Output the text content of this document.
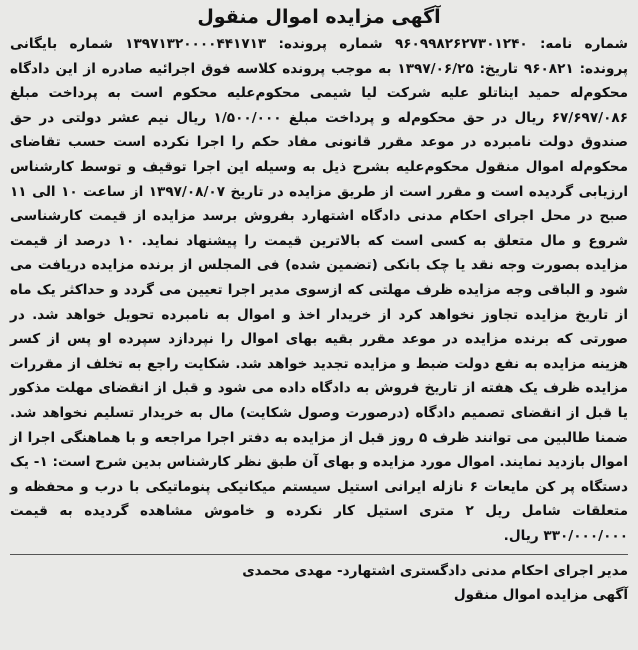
آگهی مزایده اموال منقول

شماره نامه: ۹۶۰۹۹۸۲۶۲۷۳۰۱۲۴۰ شماره پرونده: ۱۳۹۷۱۳۲۰۰۰۰۴۴۱۷۱۳ شماره بایگانی پرونده: ۹۶۰۸۲۱ تاریخ: ۱۳۹۷/۰۶/۲۵ به موجب پرونده کلاسه فوق اجرائیه صادره از این دادگاه محکوم‌له حمید ایناتلو علیه شرکت لیا شیمی محکوم‌علیه محکوم است به پرداخت مبلغ ۶۷/۶۹۷/۰۸۶ ریال در حق محکوم‌له و پرداخت مبلغ ۱/۵۰۰/۰۰۰ ریال نیم عشر دولتی در حق صندوق دولت نامبرده در موعد مقرر قانونی مفاد حکم را اجرا نکرده است حسب تقاضای محکوم‌له اموال منقول محکوم‌علیه بشرح ذیل به وسیله این اجرا توقیف و توسط کارشناس ارزیابی گردیده است و مقرر است از طریق مزایده در تاریخ ۱۳۹۷/۰۸/۰۷ از ساعت ۱۰ الی ۱۱ صبح در محل اجرای احکام مدنی دادگاه اشتهارد بفروش برسد مزایده از قیمت کارشناسی شروع و مال متعلق به کسی است که بالاترین قیمت را پیشنهاد نماید. ۱۰ درصد از قیمت مزایده بصورت وجه نقد یا چک بانکی (تضمین شده) فی المجلس از برنده مزایده دریافت می شود و الباقی وجه مزایده ظرف مهلتی که ازسوی مدیر اجرا تعیین می گردد و حداکثر یک ماه از تاریخ مزایده تجاوز نخواهد کرد از خریدار اخذ و اموال به نامبرده تحویل خواهد شد. در صورتی که برنده مزایده در موعد مقرر بقیه بهای اموال را نپردازد سپرده او پس از کسر هزینه مزایده به نفع دولت ضبط و مزایده تجدید خواهد شد. شکایت راجع به تخلف از مقررات مزایده ظرف یک هفته از تاریخ فروش به دادگاه داده می شود و قبل از انقضای مهلت مذکور یا قبل از انقضای تصمیم دادگاه (درصورت وصول شکایت) مال به خریدار تسلیم نخواهد شد. ضمنا طالبین می توانند ظرف ۵ روز قبل از مزایده به دفتر اجرا مراجعه و با هماهنگی اجرا از اموال بازدید نمایند. اموال مورد مزایده و بهای آن طبق نظر کارشناس بدین شرح است: ۱- یک دستگاه پر کن مایعات ۶ نازله ایرانی استیل سیستم میکانیکی پنوماتیکی با درب و محفظه و متعلقات شامل ریل ۲ متری استیل کار نکرده و خاموش مشاهده گردیده به قیمت ۳۳۰/۰۰۰/۰۰۰ ریال.

مدیر اجرای احکام مدنی دادگستری اشتهارد- مهدی محمدی
آگهی مزایده اموال منقول
